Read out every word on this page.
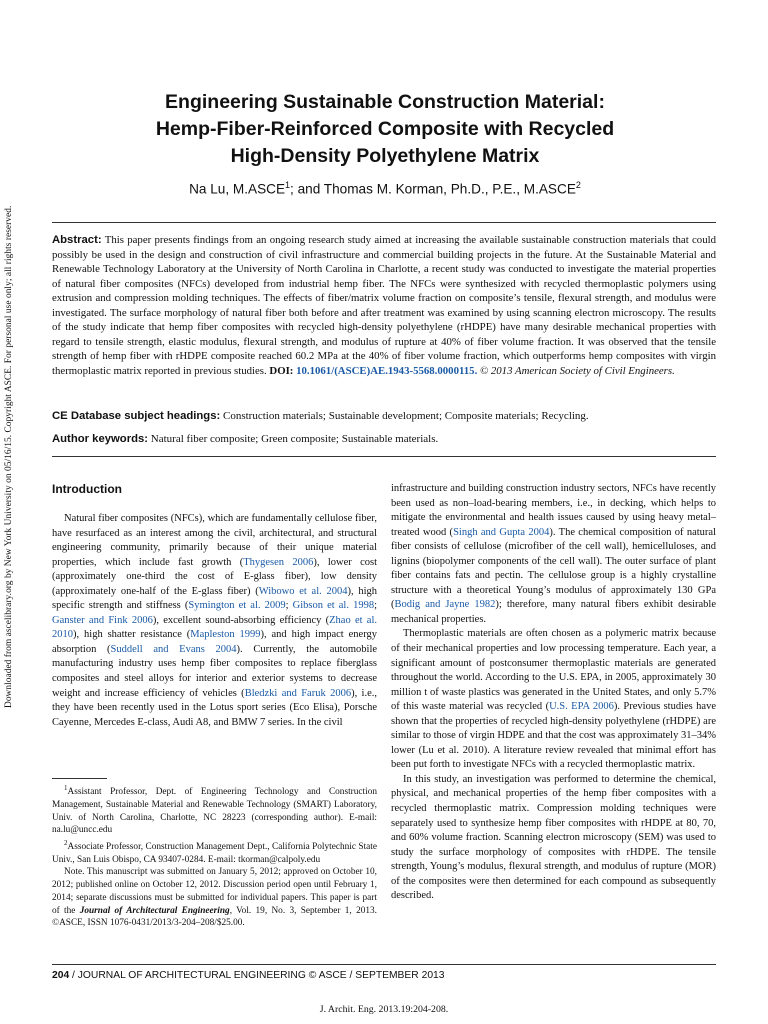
Downloaded from ascelibrary.org by New York University on 05/16/15. Copyright ASCE. For personal use only; all rights reserved.
Engineering Sustainable Construction Material:
Hemp-Fiber-Reinforced Composite with Recycled
High-Density Polyethylene Matrix
Na Lu, M.ASCE$^1$; and Thomas M. Korman, Ph.D., P.E., M.ASCE$^2$
Abstract: This paper presents findings from an ongoing research study aimed at increasing the available sustainable construction materials that could possibly be used in the design and construction of civil infrastructure and commercial building projects in the future. At the Sustainable Material and Renewable Technology Laboratory at the University of North Carolina in Charlotte, a recent study was conducted to investigate the material properties of natural fiber composites (NFCs) developed from industrial hemp fiber. The NFCs were synthesized with recycled thermoplastic polymers using extrusion and compression molding techniques. The effects of fiber/matrix volume fraction on composite’s tensile, flexural strength, and modulus were investigated. The surface morphology of natural fiber both before and after treatment was examined by using scanning electron microscopy. The results of the study indicate that hemp fiber composites with recycled high-density polyethylene (rHDPE) have many desirable mechanical properties with regard to tensile strength, elastic modulus, flexural strength, and modulus of rupture at 40% of fiber volume fraction. It was observed that the tensile strength of hemp fiber with rHDPE composite reached 60.2 MPa at the 40% of fiber volume fraction, which outperforms hemp composites with virgin thermoplastic matrix reported in previous studies. DOI: 10.1061/(ASCE)AE.1943-5568.0000115. © 2013 American Society of Civil Engineers.
CE Database subject headings: Construction materials; Sustainable development; Composite materials; Recycling.
Author keywords: Natural fiber composite; Green composite; Sustainable materials.
Introduction

Natural fiber composites (NFCs), which are fundamentally cellulose fiber, have resurfaced as an interest among the civil, architectural, and structural engineering community, primarily because of their unique material properties, which include fast growth (Thygesen 2006), lower cost (approximately one-third the cost of E-glass fiber), low density (approximately one-half of the E-glass fiber) (Wibowo et al. 2004), high specific strength and stiffness (Symington et al. 2009; Gibson et al. 1998; Ganster and Fink 2006), excellent sound-absorbing efficiency (Zhao et al. 2010), high shatter resistance (Mapleston 1999), and high impact energy absorption (Suddell and Evans 2004). Currently, the automobile manufacturing industry uses hemp fiber composites to replace fiberglass composites and steel alloys for interior and exterior systems to decrease weight and increase efficiency of vehicles (Bledzki and Faruk 2006), i.e., they have been recently used in the Lotus sport series (Eco Elisa), Porsche Cayenne, Mercedes E-class, Audi A8, and BMW 7 series. In the civil

$^1$Assistant Professor, Dept. of Engineering Technology and Construction Management, Sustainable Material and Renewable Technology (SMART) Laboratory, Univ. of North Carolina, Charlotte, NC 28223 (corresponding author). E-mail: na.lu@uncc.edu

$^2$Associate Professor, Construction Management Dept., California Polytechnic State Univ., San Luis Obispo, CA 93407-0284. E-mail: tkorman@calpoly.edu

Note. This manuscript was submitted on January 5, 2012; approved on October 10, 2012; published online on October 12, 2012. Discussion period open until February 1, 2014; separate discussions must be submitted for individual papers. This paper is part of the Journal of Architectural Engineering, Vol. 19, No. 3, September 1, 2013. ©ASCE, ISSN 1076-0431/2013/3-204–208/$25.00.

infrastructure and building construction industry sectors, NFCs have recently been used as non–load-bearing members, i.e., in decking, which helps to mitigate the environmental and health issues caused by using heavy metal–treated wood (Singh and Gupta 2004). The chemical composition of natural fiber consists of cellulose (microfiber of the cell wall), hemicelluloses, and lignins (biopolymer components of the cell wall). The outer surface of plant fiber contains fats and pectin. The cellulose group is a highly crystalline structure with a theoretical Young’s modulus of approximately 130 GPa (Bodig and Jayne 1982); therefore, many natural fibers exhibit desirable mechanical properties.

Thermoplastic materials are often chosen as a polymeric matrix because of their mechanical properties and low processing temperature. Each year, a significant amount of postconsumer thermoplastic materials are generated throughout the world. According to the U.S. EPA, in 2005, approximately 30 million t of waste plastics was generated in the United States, and only 5.7% of this waste material was recycled (U.S. EPA 2006). Previous studies have shown that the properties of recycled high-density polyethylene (rHDPE) are similar to those of virgin HDPE and that the cost was approximately 31–34% lower (Lu et al. 2010). A literature review revealed that minimal effort has been put forth to investigate NFCs with a recycled thermoplastic matrix.

In this study, an investigation was performed to determine the chemical, physical, and mechanical properties of the hemp fiber composites with a recycled thermoplastic matrix. Compression molding techniques were separately used to synthesize hemp fiber composites with rHDPE at 80, 70, and 60% volume fraction. Scanning electron microscopy (SEM) was used to study the surface morphology of composites with rHDPE. The tensile strength, Young’s modulus, flexural strength, and modulus of rupture (MOR) of the composites were then determined for each compound as subsequently described.

204 / JOURNAL OF ARCHITECTURAL ENGINEERING © ASCE / SEPTEMBER 2013
J. Archit. Eng. 2013.19:204-208.
